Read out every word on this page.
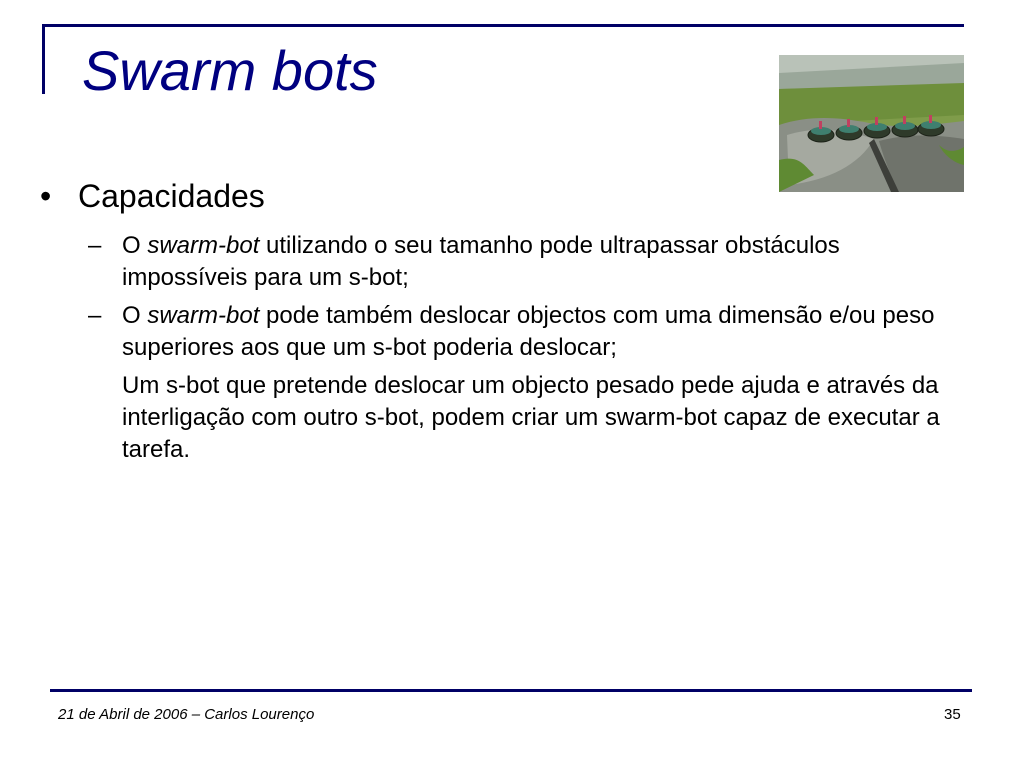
Swarm bots
• Capacidades
– O swarm-bot utilizando o seu tamanho pode ultrapassar obstáculos impossíveis para um s-bot;
– O swarm-bot pode também deslocar objectos com uma dimensão e/ou peso superiores aos que um s-bot poderia deslocar;
Um s-bot que pretende deslocar um objecto pesado pede ajuda e através da interligação com outro s-bot, podem criar um swarm-bot capaz de executar a tarefa.
21 de Abril de 2006 – Carlos Lourenço	35
